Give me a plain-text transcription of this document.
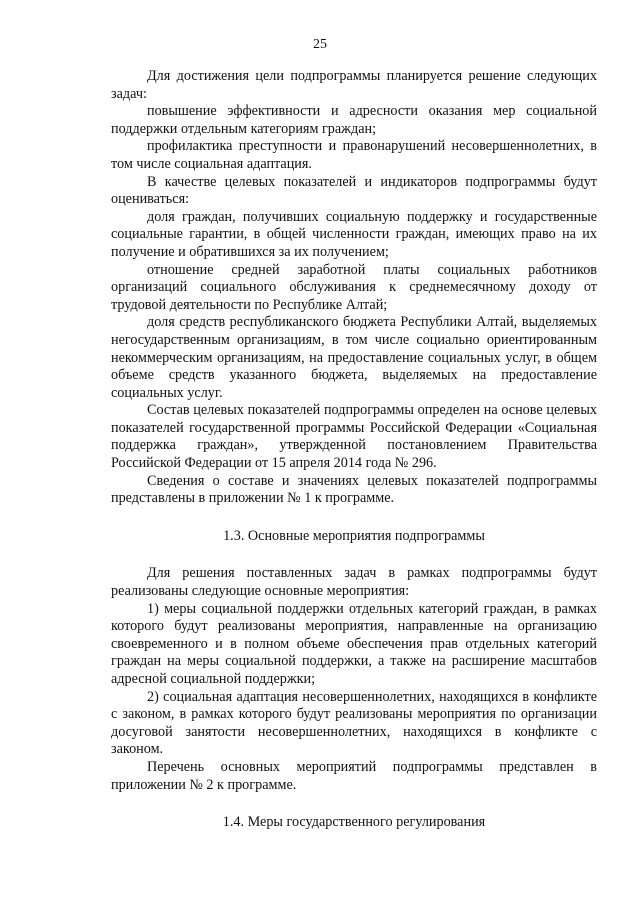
25

Для достижения цели подпрограммы планируется решение следующих задач:

повышение эффективности и адресности оказания мер социальной поддержки отдельным категориям граждан;

профилактика преступности и правонарушений несовершеннолетних, в том числе социальная адаптация.

В качестве целевых показателей и индикаторов подпрограммы будут оцениваться:

доля граждан, получивших социальную поддержку и государственные социальные гарантии, в общей численности граждан, имеющих право на их получение и обратившихся за их получением;

отношение средней заработной платы социальных работников организаций социального обслуживания к среднемесячному доходу от трудовой деятельности по Республике Алтай;

доля средств республиканского бюджета Республики Алтай, выделяемых негосударственным организациям, в том числе социально ориентированным некоммерческим организациям, на предоставление социальных услуг, в общем объеме средств указанного бюджета, выделяемых на предоставление социальных услуг.

Состав целевых показателей подпрограммы определен на основе целевых показателей государственной программы Российской Федерации «Социальная поддержка граждан», утвержденной постановлением Правительства Российской Федерации от 15 апреля 2014 года № 296.

Сведения о составе и значениях целевых показателей подпрограммы представлены в приложении № 1 к программе.

1.3. Основные мероприятия подпрограммы

Для решения поставленных задач в рамках подпрограммы будут реализованы следующие основные мероприятия:

1) меры социальной поддержки отдельных категорий граждан, в рамках которого будут реализованы мероприятия, направленные на организацию своевременного и в полном объеме обеспечения прав отдельных категорий граждан на меры социальной поддержки, а также на расширение масштабов адресной социальной поддержки;

2) социальная адаптация несовершеннолетних, находящихся в конфликте с законом, в рамках которого будут реализованы мероприятия по организации досуговой занятости несовершеннолетних, находящихся в конфликте с законом.

Перечень основных мероприятий подпрограммы представлен в приложении № 2 к программе.

1.4. Меры государственного регулирования
